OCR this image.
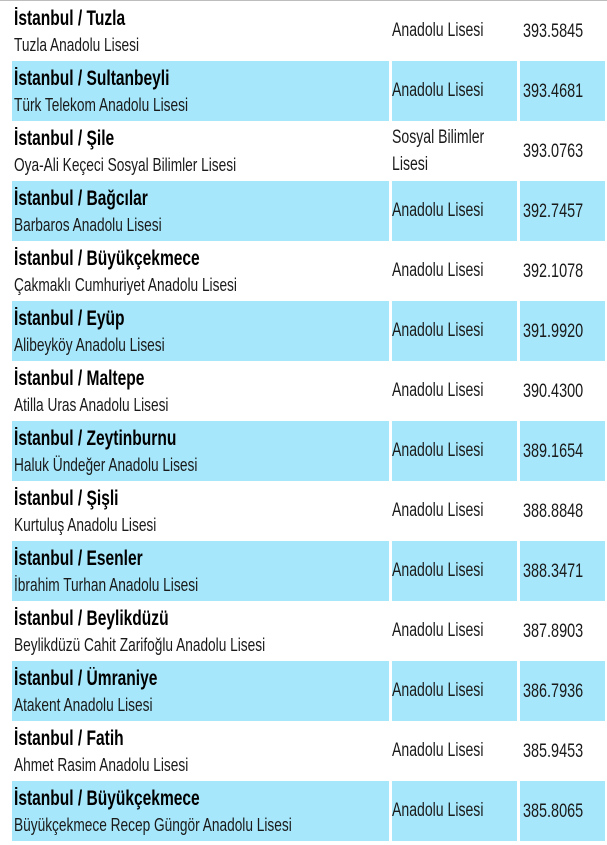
İstanbul / Tuzla
Tuzla Anadolu Lisesi	Anadolu Lisesi	393.5845

İstanbul / Sultanbeyli
Türk Telekom Anadolu Lisesi	Anadolu Lisesi	393.4681

İstanbul / Şile
Oya-Ali Keçeci Sosyal Bilimler Lisesi	Sosyal Bilimler
Lisesi	393.0763

İstanbul / Bağcılar
Barbaros Anadolu Lisesi	Anadolu Lisesi	392.7457

İstanbul / Büyükçekmece
Çakmaklı Cumhuriyet Anadolu Lisesi	Anadolu Lisesi	392.1078

İstanbul / Eyüp
Alibeyköy Anadolu Lisesi	Anadolu Lisesi	391.9920

İstanbul / Maltepe
Atilla Uras Anadolu Lisesi	Anadolu Lisesi	390.4300

İstanbul / Zeytinburnu
Haluk Ündeğer Anadolu Lisesi	Anadolu Lisesi	389.1654

İstanbul / Şişli
Kurtuluş Anadolu Lisesi	Anadolu Lisesi	388.8848

İstanbul / Esenler
İbrahim Turhan Anadolu Lisesi	Anadolu Lisesi	388.3471

İstanbul / Beylikdüzü
Beylikdüzü Cahit Zarifoğlu Anadolu Lisesi	Anadolu Lisesi	387.8903

İstanbul / Ümraniye
Atakent Anadolu Lisesi	Anadolu Lisesi	386.7936

İstanbul / Fatih
Ahmet Rasim Anadolu Lisesi	Anadolu Lisesi	385.9453

İstanbul / Büyükçekmece
Büyükçekmece Recep Güngör Anadolu Lisesi	Anadolu Lisesi	385.8065
